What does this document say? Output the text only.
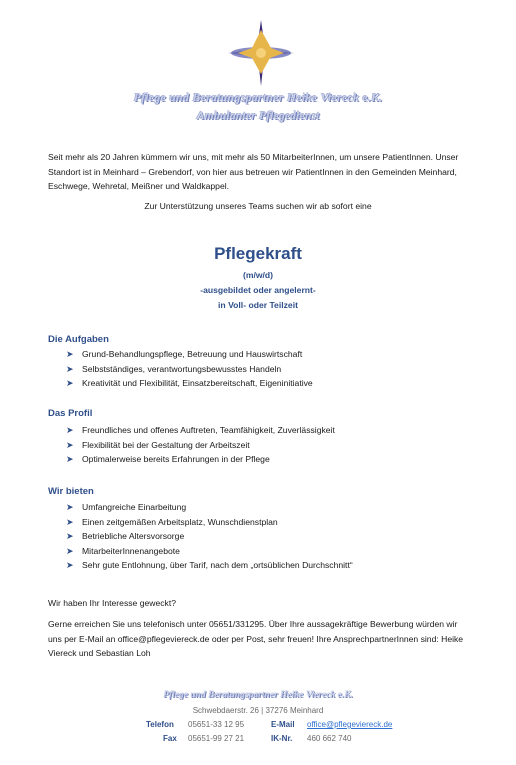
Pflege und Beratungspartner Heike Viereck e.K.
Ambulanter Pflegedienst
Seit mehr als 20 Jahren kümmern wir uns, mit mehr als 50 MitarbeiterInnen, um unsere PatientInnen. Unser Standort ist in Meinhard – Grebendorf, von hier aus betreuen wir PatientInnen in den Gemeinden Meinhard, Eschwege, Wehretal, Meißner und Waldkappel.
Zur Unterstützung unseres Teams suchen wir ab sofort eine
Pflegekraft
(m/w/d)
-ausgebildet oder angelernt-
in Voll- oder Teilzeit
Die Aufgaben
➤ Grund-Behandlungspflege, Betreuung und Hauswirtschaft
➤ Selbstständiges, verantwortungsbewusstes Handeln
➤ Kreativität und Flexibilität, Einsatzbereitschaft, Eigeninitiative
Das Profil
➤ Freundliches und offenes Auftreten, Teamfähigkeit, Zuverlässigkeit
➤ Flexibilität bei der Gestaltung der Arbeitszeit
➤ Optimalerweise bereits Erfahrungen in der Pflege
Wir bieten
➤ Umfangreiche Einarbeitung
➤ Einen zeitgemäßen Arbeitsplatz, Wunschdienstplan
➤ Betriebliche Altersvorsorge
➤ MitarbeiterInnenangebote
➤ Sehr gute Entlohnung, über Tarif, nach dem „ortsüblichen Durchschnitt“
Wir haben Ihr Interesse geweckt?
Gerne erreichen Sie uns telefonisch unter 05651/331295. Über Ihre aussagekräftige Bewerbung würden wir uns per E-Mail an office@pflegeviereck.de oder per Post, sehr freuen! Ihre AnsprechpartnerInnen sind: Heike Viereck und Sebastian Loh
Pflege und Beratungspartner Heike Viereck e.K.
Schwebdaerstr. 26 | 37276 Meinhard
Telefon 05651-33 12 95	E-Mail office@pflegeviereck.de
Fax 05651-99 27 21	IK-Nr. 460 662 740
